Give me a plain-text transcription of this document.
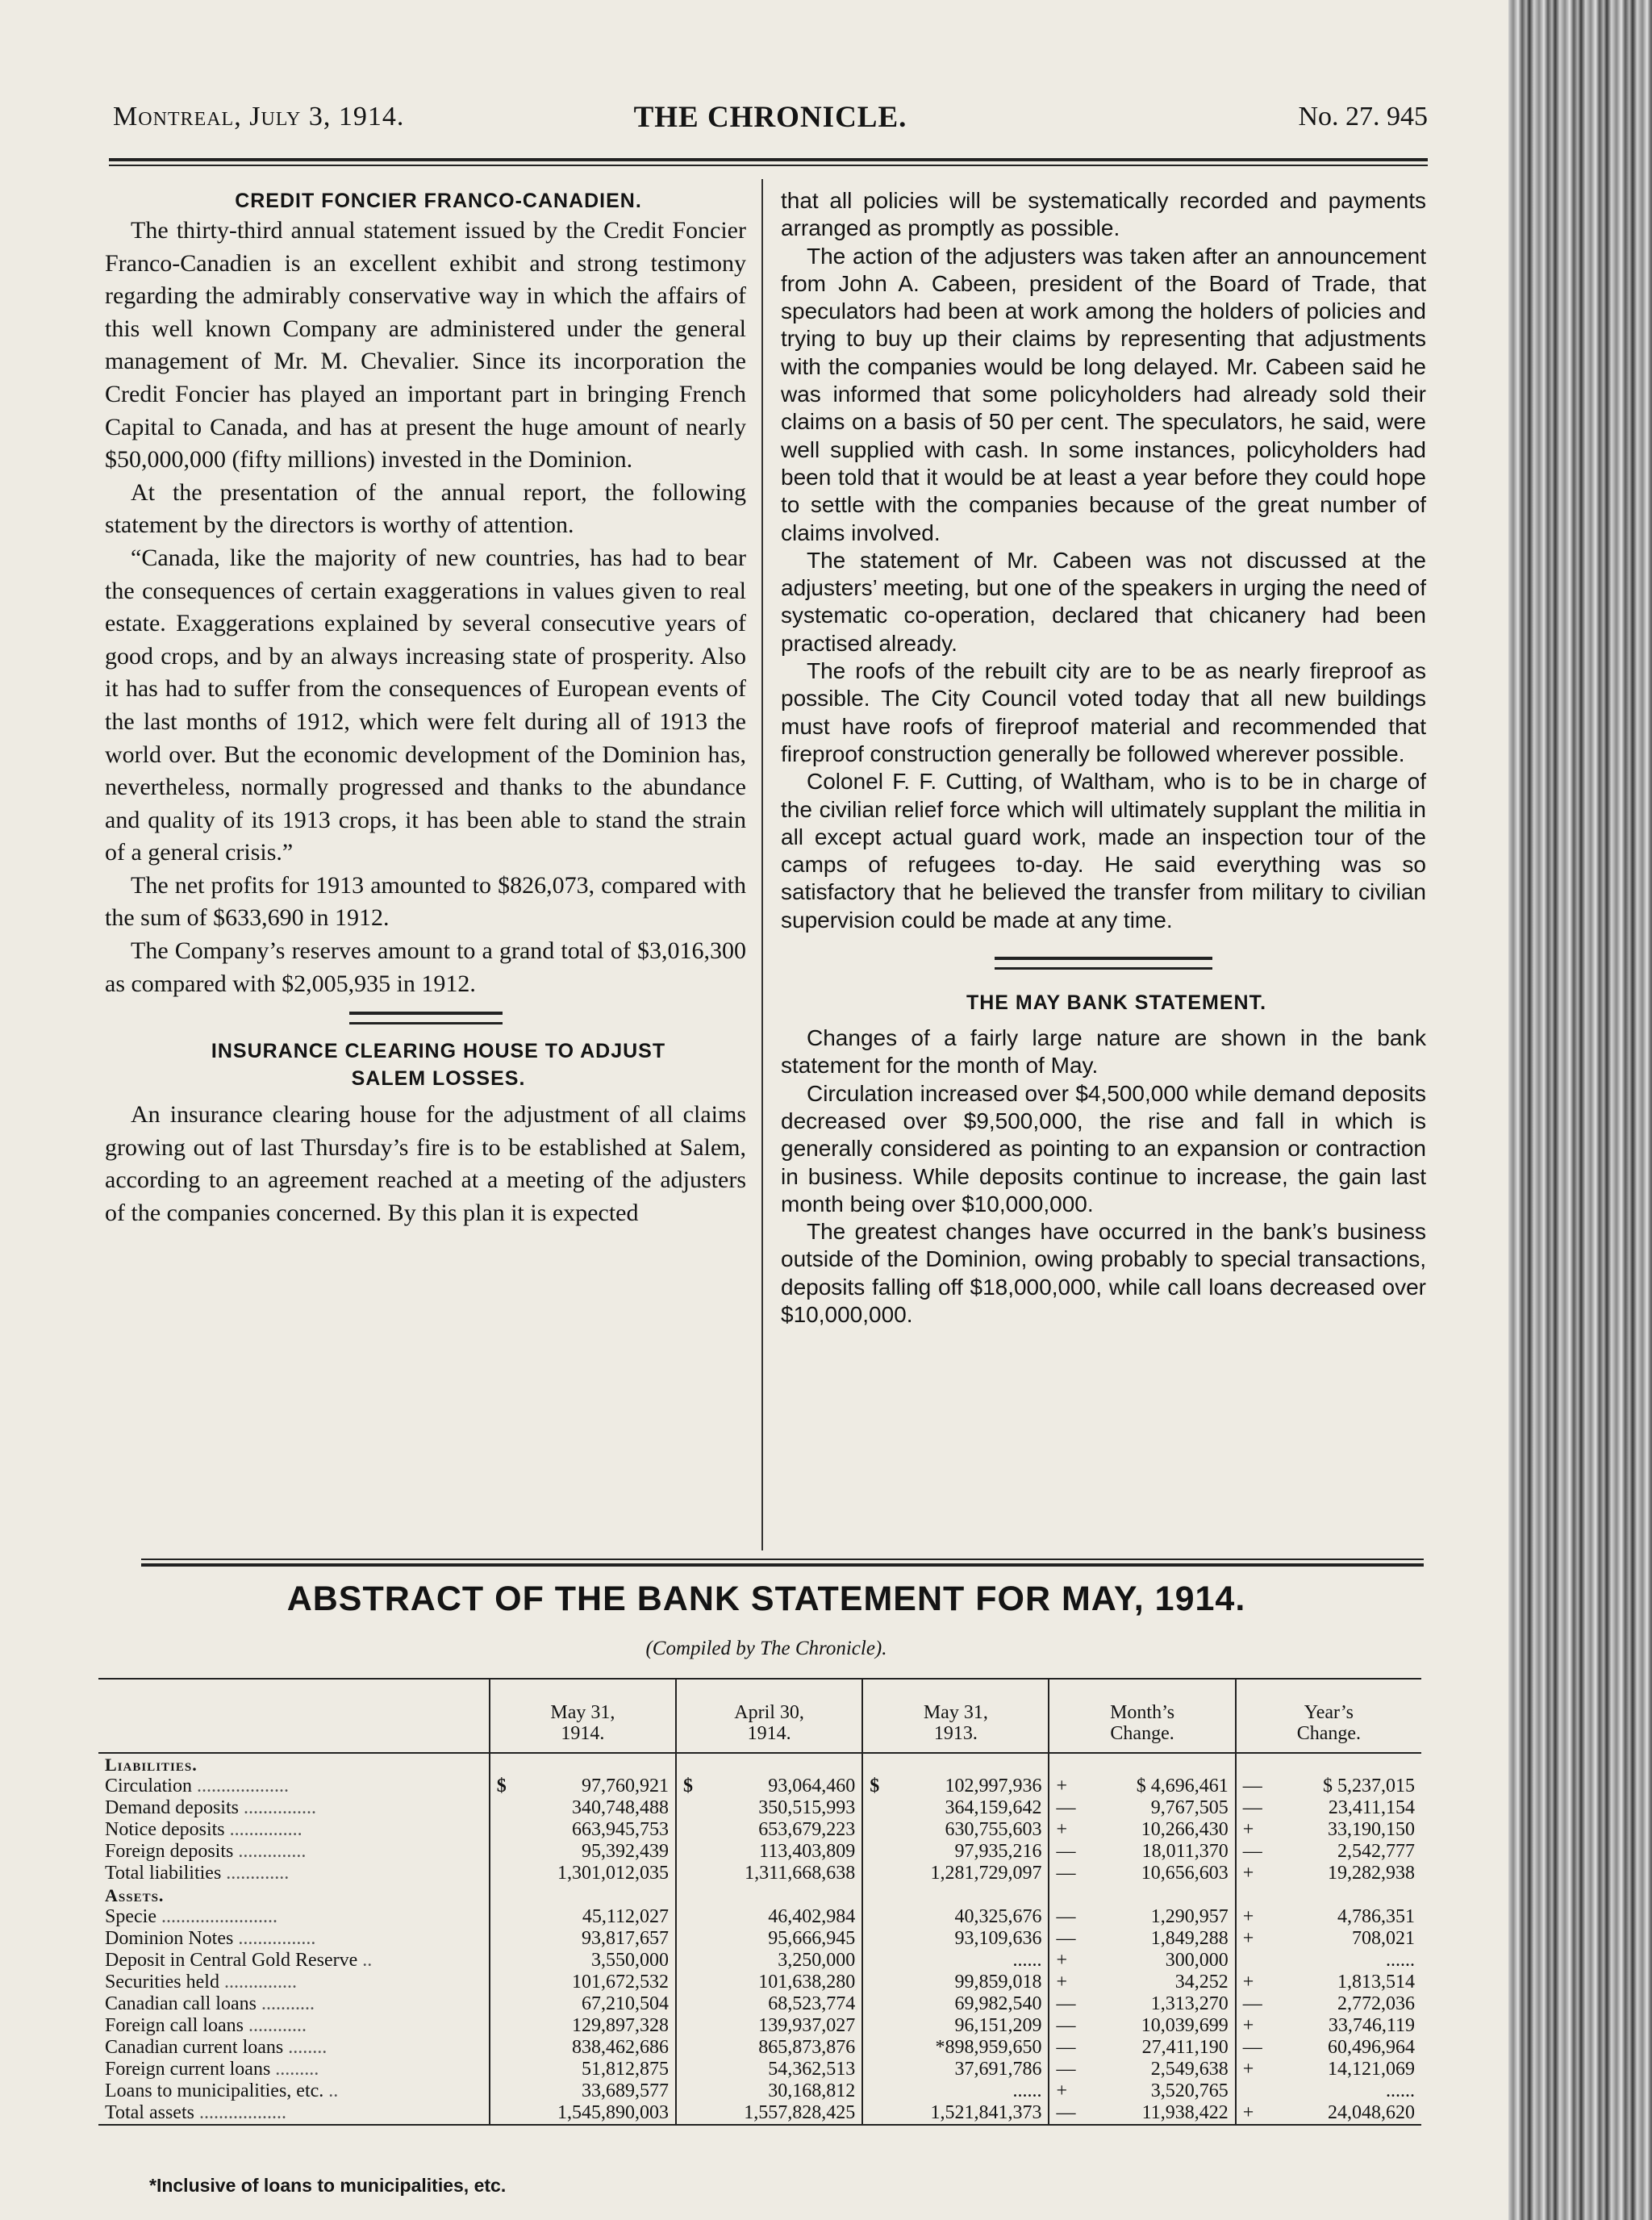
Montreal, July 3, 1914.	THE CHRONICLE.	No. 27. 945

CREDIT FONCIER FRANCO-CANADIEN.

The thirty-third annual statement issued by the Credit Foncier Franco-Canadien is an excellent exhibit and strong testimony regarding the admirably conservative way in which the affairs of this well known Company are administered under the general management of Mr. M. Chevalier. Since its incorporation the Credit Foncier has played an important part in bringing French Capital to Canada, and has at present the huge amount of nearly $50,000,000 (fifty millions) invested in the Dominion.

At the presentation of the annual report, the following statement by the directors is worthy of attention.

“Canada, like the majority of new countries, has had to bear the consequences of certain exaggerations in values given to real estate. Exaggerations explained by several consecutive years of good crops, and by an always increasing state of prosperity. Also it has had to suffer from the consequences of European events of the last months of 1912, which were felt during all of 1913 the world over. But the economic development of the Dominion has, nevertheless, normally progressed and thanks to the abundance and quality of its 1913 crops, it has been able to stand the strain of a general crisis.”

The net profits for 1913 amounted to $826,073, compared with the sum of $633,690 in 1912.

The Company’s reserves amount to a grand total of $3,016,300 as compared with $2,005,935 in 1912.

INSURANCE CLEARING HOUSE TO ADJUST

SALEM LOSSES.

An insurance clearing house for the adjustment of all claims growing out of last Thursday’s fire is to be established at Salem, according to an agreement reached at a meeting of the adjusters of the companies concerned. By this plan it is expected

that all policies will be systematically recorded and payments arranged as promptly as possible.

The action of the adjusters was taken after an announcement from John A. Cabeen, president of the Board of Trade, that speculators had been at work among the holders of policies and trying to buy up their claims by representing that adjustments with the companies would be long delayed. Mr. Cabeen said he was informed that some policyholders had already sold their claims on a basis of 50 per cent. The speculators, he said, were well supplied with cash. In some instances, policyholders had been told that it would be at least a year before they could hope to settle with the companies because of the great number of claims involved.

The statement of Mr. Cabeen was not discussed at the adjusters’ meeting, but one of the speakers in urging the need of systematic co-operation, declared that chicanery had been practised already.

The roofs of the rebuilt city are to be as nearly fireproof as possible. The City Council voted today that all new buildings must have roofs of fireproof material and recommended that fireproof construction generally be followed wherever possible.

Colonel F. F. Cutting, of Waltham, who is to be in charge of the civilian relief force which will ultimately supplant the militia in all except actual guard work, made an inspection tour of the camps of refugees to-day. He said everything was so satisfactory that he believed the transfer from military to civilian supervision could be made at any time.

THE MAY BANK STATEMENT.

Changes of a fairly large nature are shown in the bank statement for the month of May.

Circulation increased over $4,500,000 while demand deposits decreased over $9,500,000, the rise and fall in which is generally considered as pointing to an expansion or contraction in business. While deposits continue to increase, the gain last month being over $10,000,000.

The greatest changes have occurred in the bank’s business outside of the Dominion, owing probably to special transactions, deposits falling off $18,000,000, while call loans decreased over $10,000,000.

ABSTRACT OF THE BANK STATEMENT FOR MAY, 1914.
(Compiled by The Chronicle).
	May 31,
1914.	April 30,
1914.	May 31,
1913.	Month’s
Change.	Year’s
Change.
Liabilities.					
Circulation ...................	$ 97,760,921	$ 93,064,460	$ 102,997,936	+ $ 4,696,461	— $ 5,237,015

Demand deposits ...............	340,748,488	350,515,993	364,159,642	— 9,767,505	— 23,411,154

Notice deposits ...............	663,945,753	653,679,223	630,755,603	+ 10,266,430	+ 33,190,150

Foreign deposits ..............	95,392,439	113,403,809	97,935,216	— 18,011,370	— 2,542,777

Total liabilities .............	1,301,012,035	1,311,668,638	1,281,729,097	— 10,656,603	+ 19,282,938

Assets.					
Specie ........................	45,112,027	46,402,984	40,325,676	— 1,290,957	+ 4,786,351

Dominion Notes ................	93,817,657	95,666,945	93,109,636	— 1,849,288	+ 708,021

Deposit in Central Gold Reserve ..	3,550,000	3,250,000	......	+ 300,000	......

Securities held ...............	101,672,532	101,638,280	99,859,018	+ 34,252	+ 1,813,514

Canadian call loans ...........	67,210,504	68,523,774	69,982,540	— 1,313,270	— 2,772,036

Foreign call loans ............	129,897,328	139,937,027	96,151,209	— 10,039,699	+ 33,746,119

Canadian current loans ........	838,462,686	865,873,876	*898,959,650	— 27,411,190	— 60,496,964

Foreign current loans .........	51,812,875	54,362,513	37,691,786	— 2,549,638	+ 14,121,069

Loans to municipalities, etc. ..	33,689,577	30,168,812	......	+ 3,520,765	......

Total assets ..................	1,545,890,003	1,557,828,425	1,521,841,373	— 11,938,422	+ 24,048,620
*Inclusive of loans to municipalities, etc.
